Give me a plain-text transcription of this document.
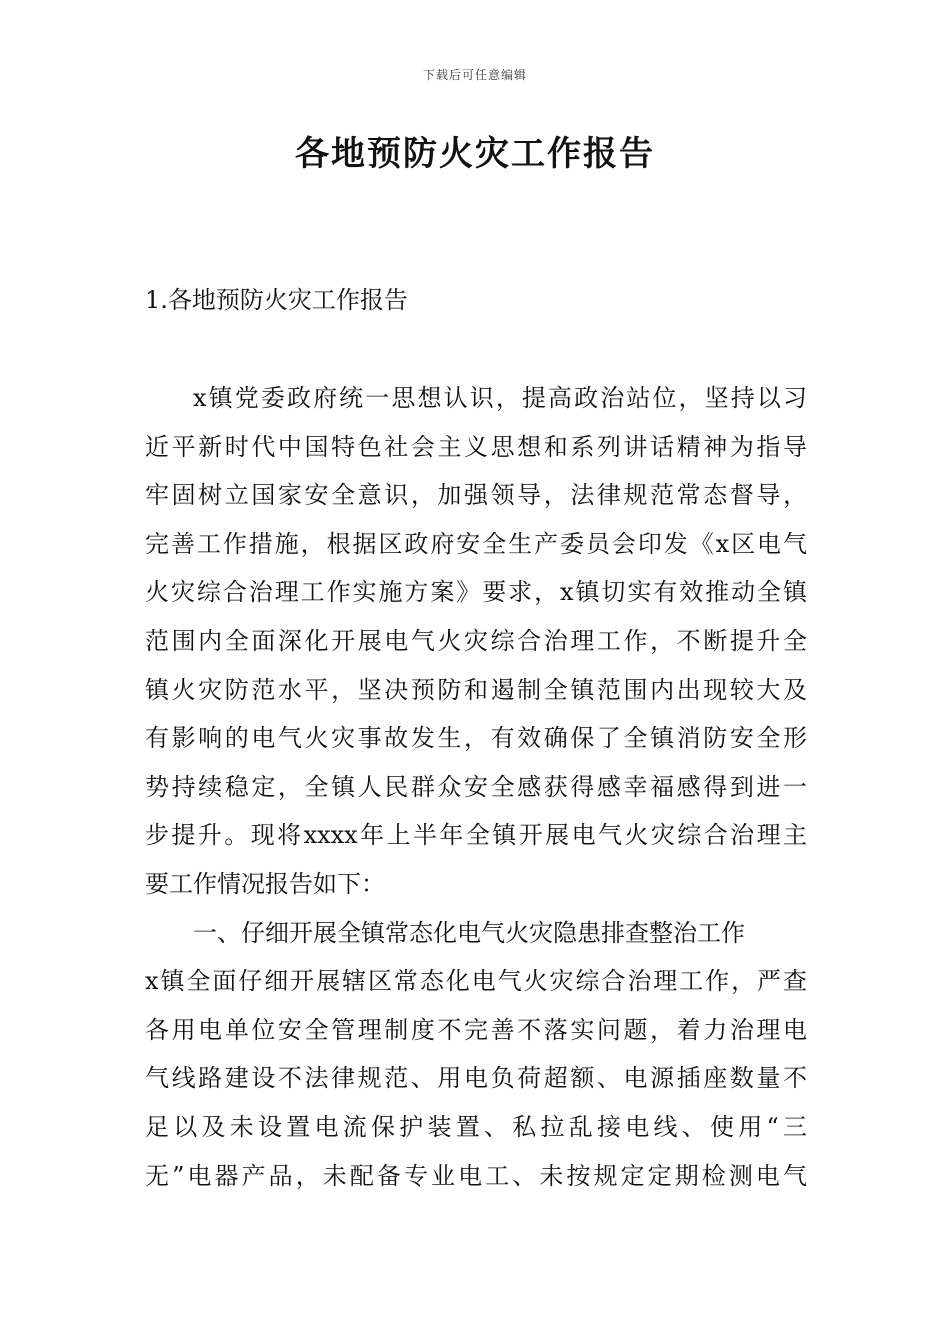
下载后可任意编辑
各地预防火灾工作报告
1.各地预防火灾工作报告
x镇党委政府统一思想认识，提高政治站位，坚持以习
近平新时代中国特色社会主义思想和系列讲话精神为指导
牢固树立国家安全意识，加强领导，法律规范常态督导，
完善工作措施，根据区政府安全生产委员会印发《x区电气
火灾综合治理工作实施方案》要求，x镇切实有效推动全镇
范围内全面深化开展电气火灾综合治理工作，不断提升全
镇火灾防范水平，坚决预防和遏制全镇范围内出现较大及
有影响的电气火灾事故发生，有效确保了全镇消防安全形
势持续稳定，全镇人民群众安全感获得感幸福感得到进一
步提升。现将xxxx年上半年全镇开展电气火灾综合治理主
要工作情况报告如下：
一、仔细开展全镇常态化电气火灾隐患排查整治工作
x镇全面仔细开展辖区常态化电气火灾综合治理工作，严查
各用电单位安全管理制度不完善不落实问题，着力治理电
气线路建设不法律规范、用电负荷超额、电源插座数量不
足以及未设置电流保护装置、私拉乱接电线、使用“三
无”电器产品，未配备专业电工、未按规定定期检测电气
